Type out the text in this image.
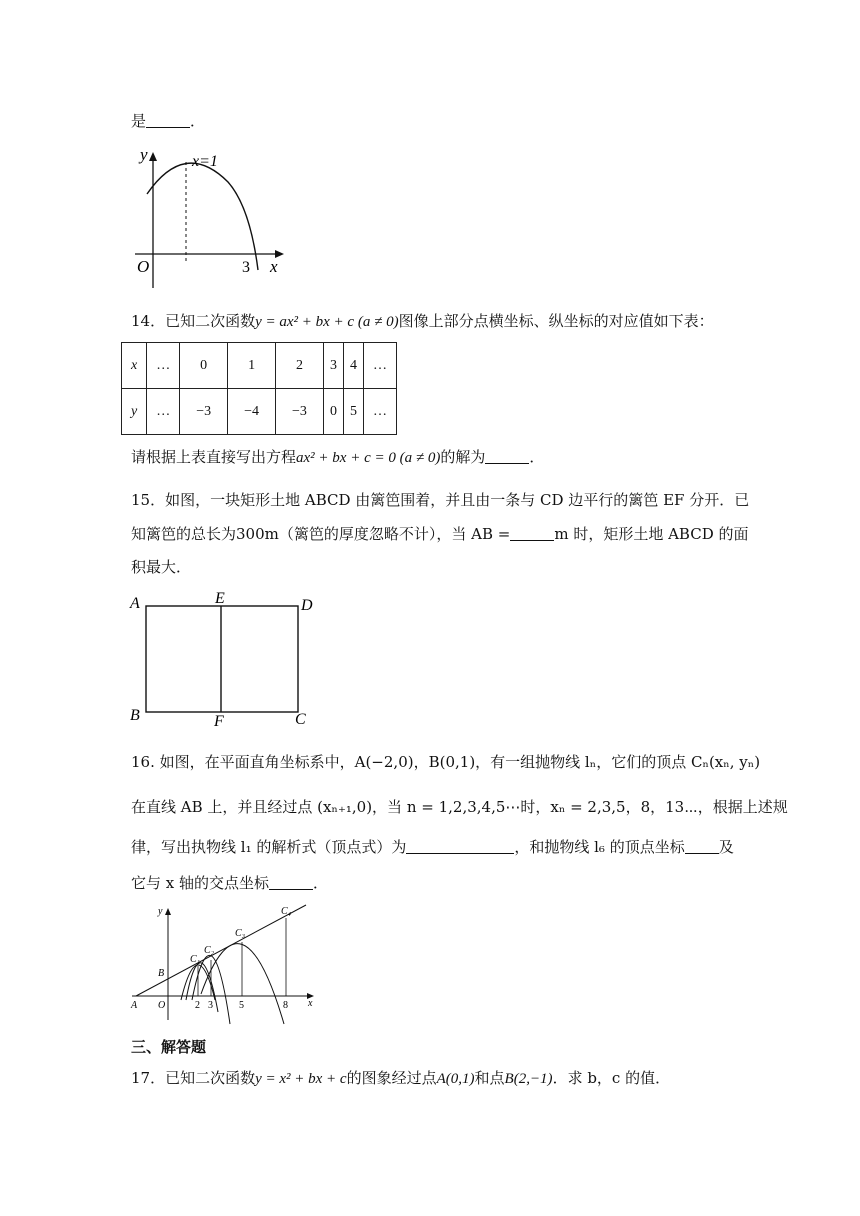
是	．
y
x
O	3
x=1
14．已知二次函数y = ax² + bx + c (a ≠ 0)图像上部分点横坐标、纵坐标的对应值如下表：
x	…	0	1	2	3	4	…
y	…	−3	−4	−3	0	5	…
请根据上表直接写出方程ax² + bx + c = 0 (a ≠ 0)的解为	．
15．如图，一块矩形土地 ABCD 由篱笆围着，并且由一条与 CD 边平行的篱笆 EF 分开．已
知篱笆的总长为300m（篱笆的厚度忽略不计），当 AB =	m 时，矩形土地 ABCD 的面
积最大．
A	E	D
B	F	C
16. 如图，在平面直角坐标系中，A(−2,0)，B(0,1)，有一组抛物线 lₙ，它们的顶点 Cₙ(xₙ, yₙ)
在直线 AB 上，并且经过点 (xₙ₊₁,0)，当 n = 1,2,3,4,5⋯时，xₙ = 2,3,5，8，13⋯，根据上述规
律，写出执物线 l₁ 的解析式（顶点式）为	，和抛物线 l₆ 的顶点坐标 及
它与 x 轴的交点坐标	．
y
x
A O
B
C₁
C₂
C₃
C₄
2 3	5	8
三、解答题
17．已知二次函数y = x² + bx + c的图象经过点A(0,1)和点B(2,−1)．求 b，c 的值．
